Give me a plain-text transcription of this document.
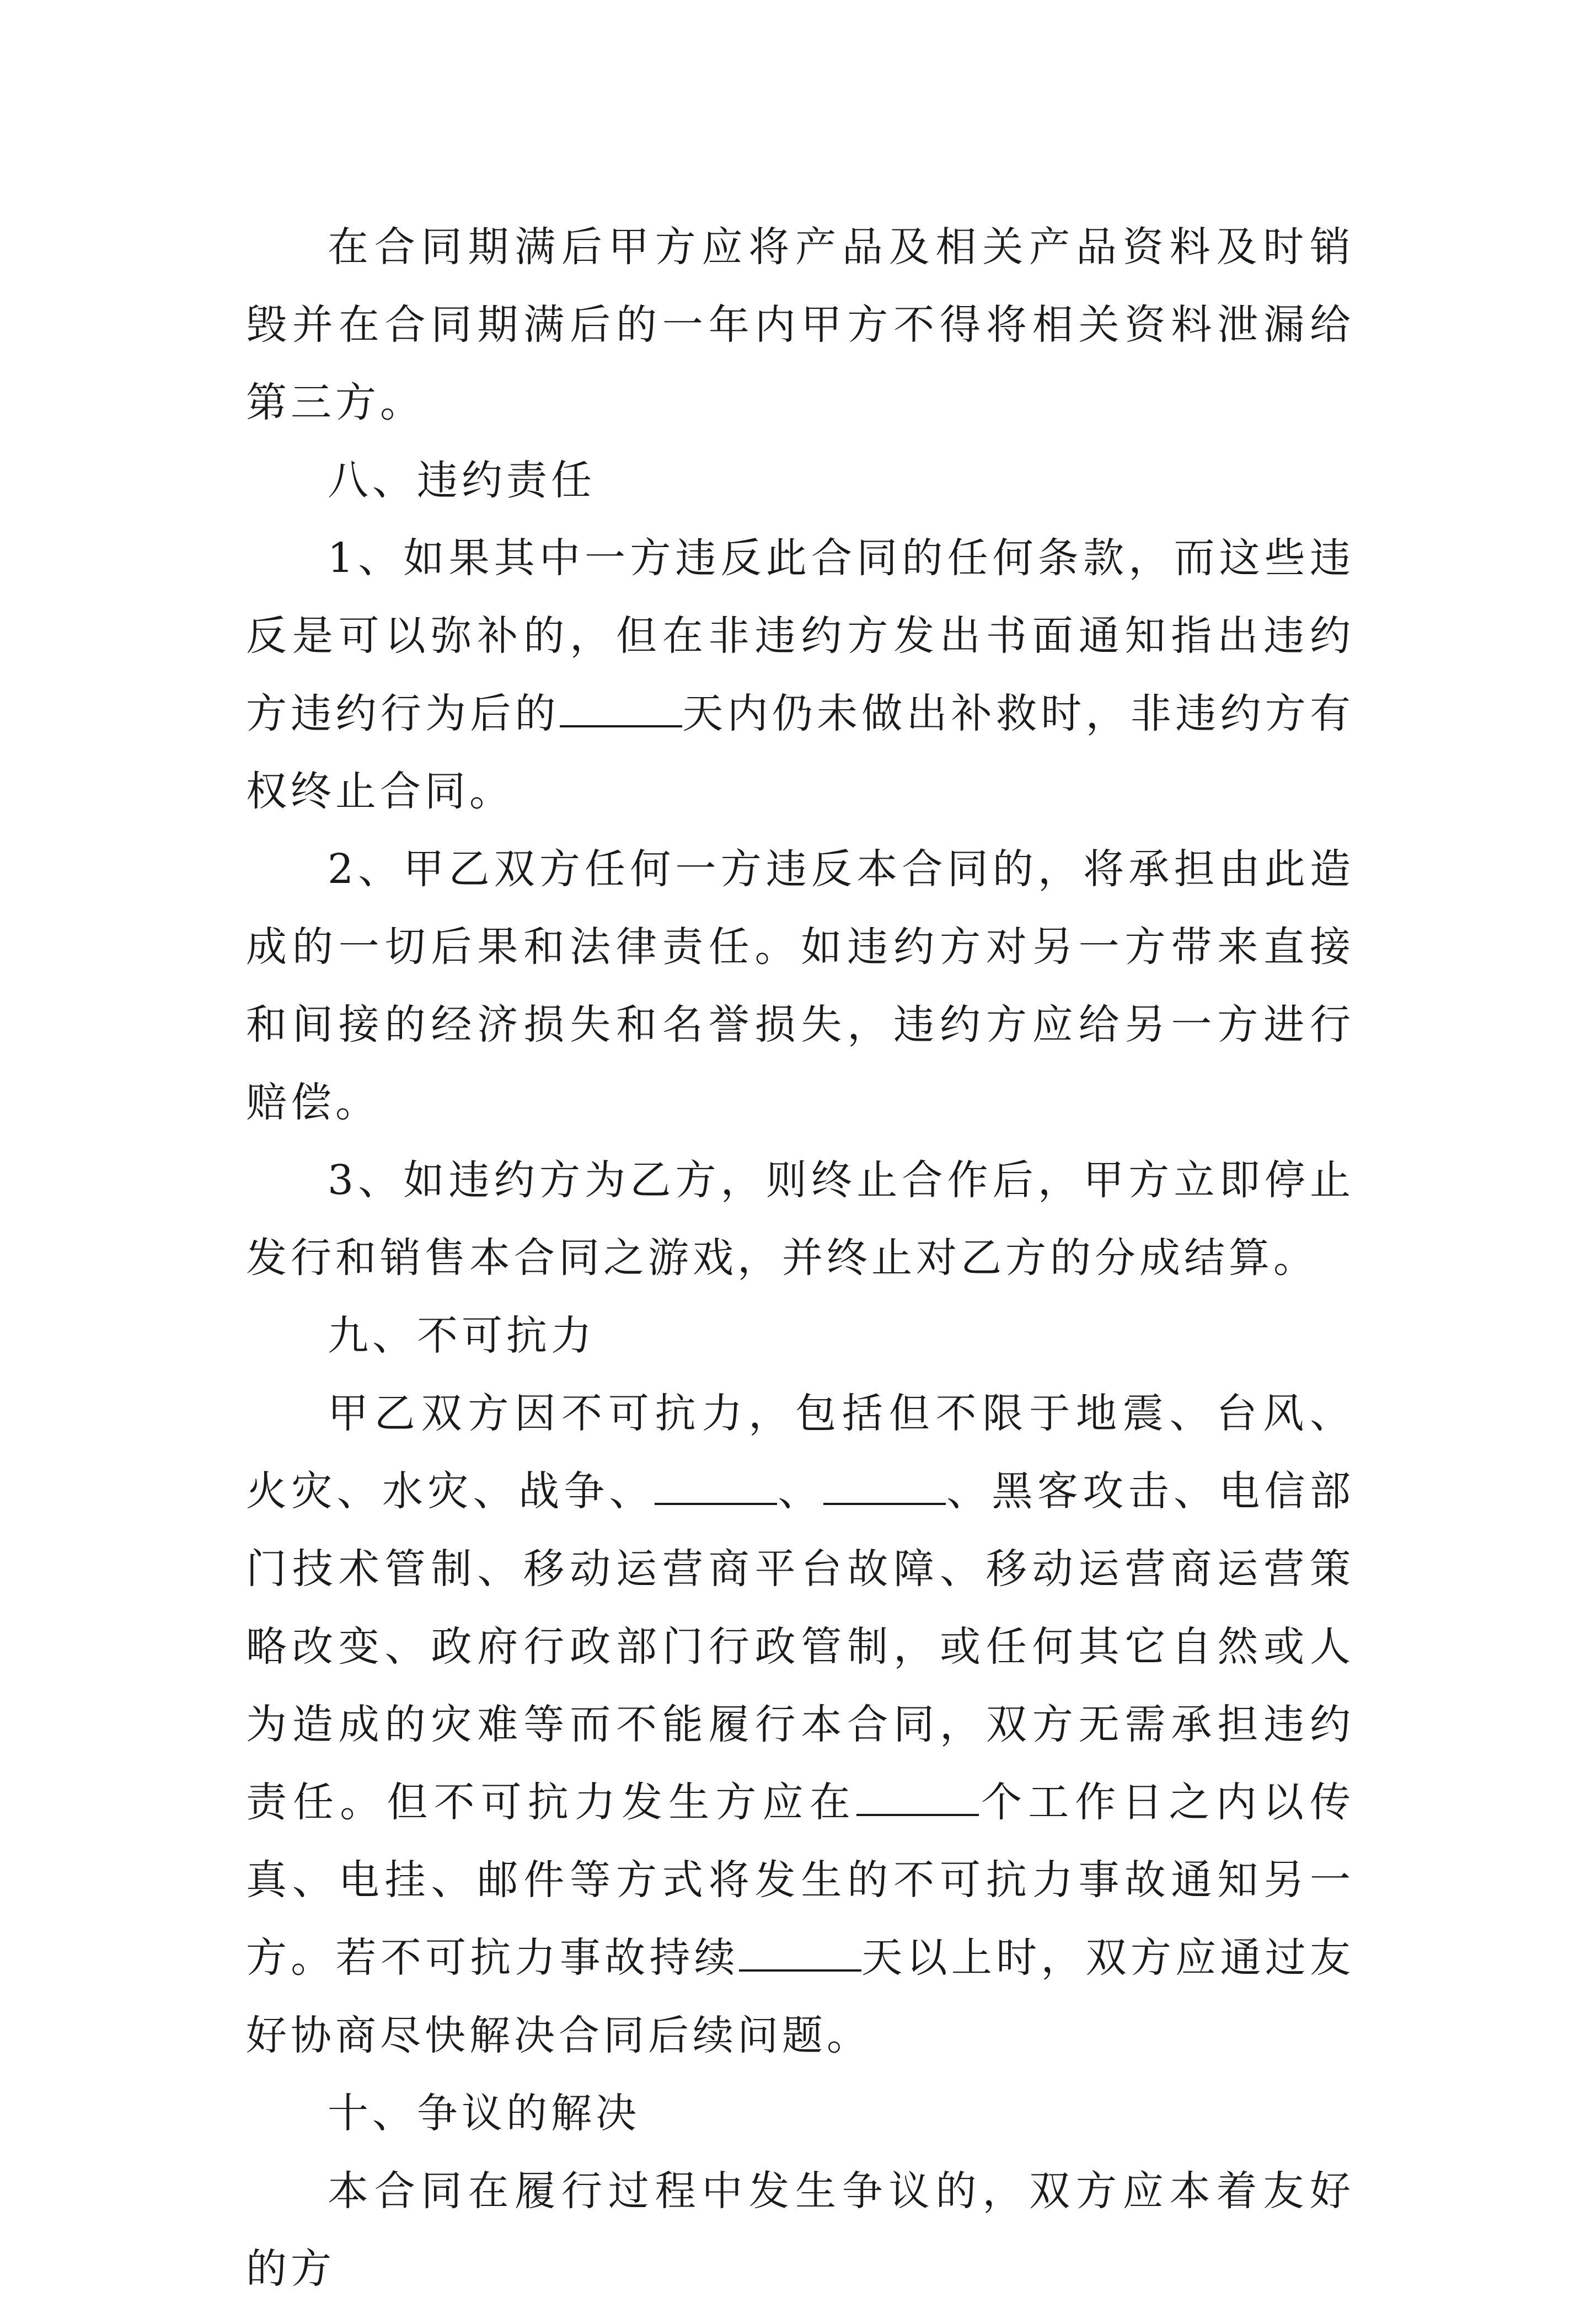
在合同期满后甲方应将产品及相关产品资料及时销毁并在合同期满后的一年内甲方不得将相关资料泄漏给第三方。

八、违约责任

1、如果其中一方违反此合同的任何条款，而这些违反是可以弥补的，但在非违约方发出书面通知指出违约方违约行为后的	天内仍未做出补救时，非违约方有权终止合同。

2、甲乙双方任何一方违反本合同的，将承担由此造成的一切后果和法律责任。如违约方对另一方带来直接和间接的经济损失和名誉损失，违约方应给另一方进行赔偿。

3、如违约方为乙方，则终止合作后，甲方立即停止发行和销售本合同之游戏，并终止对乙方的分成结算。

九、不可抗力

甲乙双方因不可抗力，包括但不限于地震、台风、火灾、水灾、战争、	、	、黑客攻击、电信部门技术管制、移动运营商平台故障、移动运营商运营策略改变、政府行政部门行政管制，或任何其它自然或人为造成的灾难等而不能履行本合同，双方无需承担违约责任。但不可抗力发生方应在	个工作日之内以传真、电挂、邮件等方式将发生的不可抗力事故通知另一方。若不可抗力事故持续	天以上时，双方应通过友好协商尽快解决合同后续问题。

十、争议的解决

本合同在履行过程中发生争议的，双方应本着友好的方
